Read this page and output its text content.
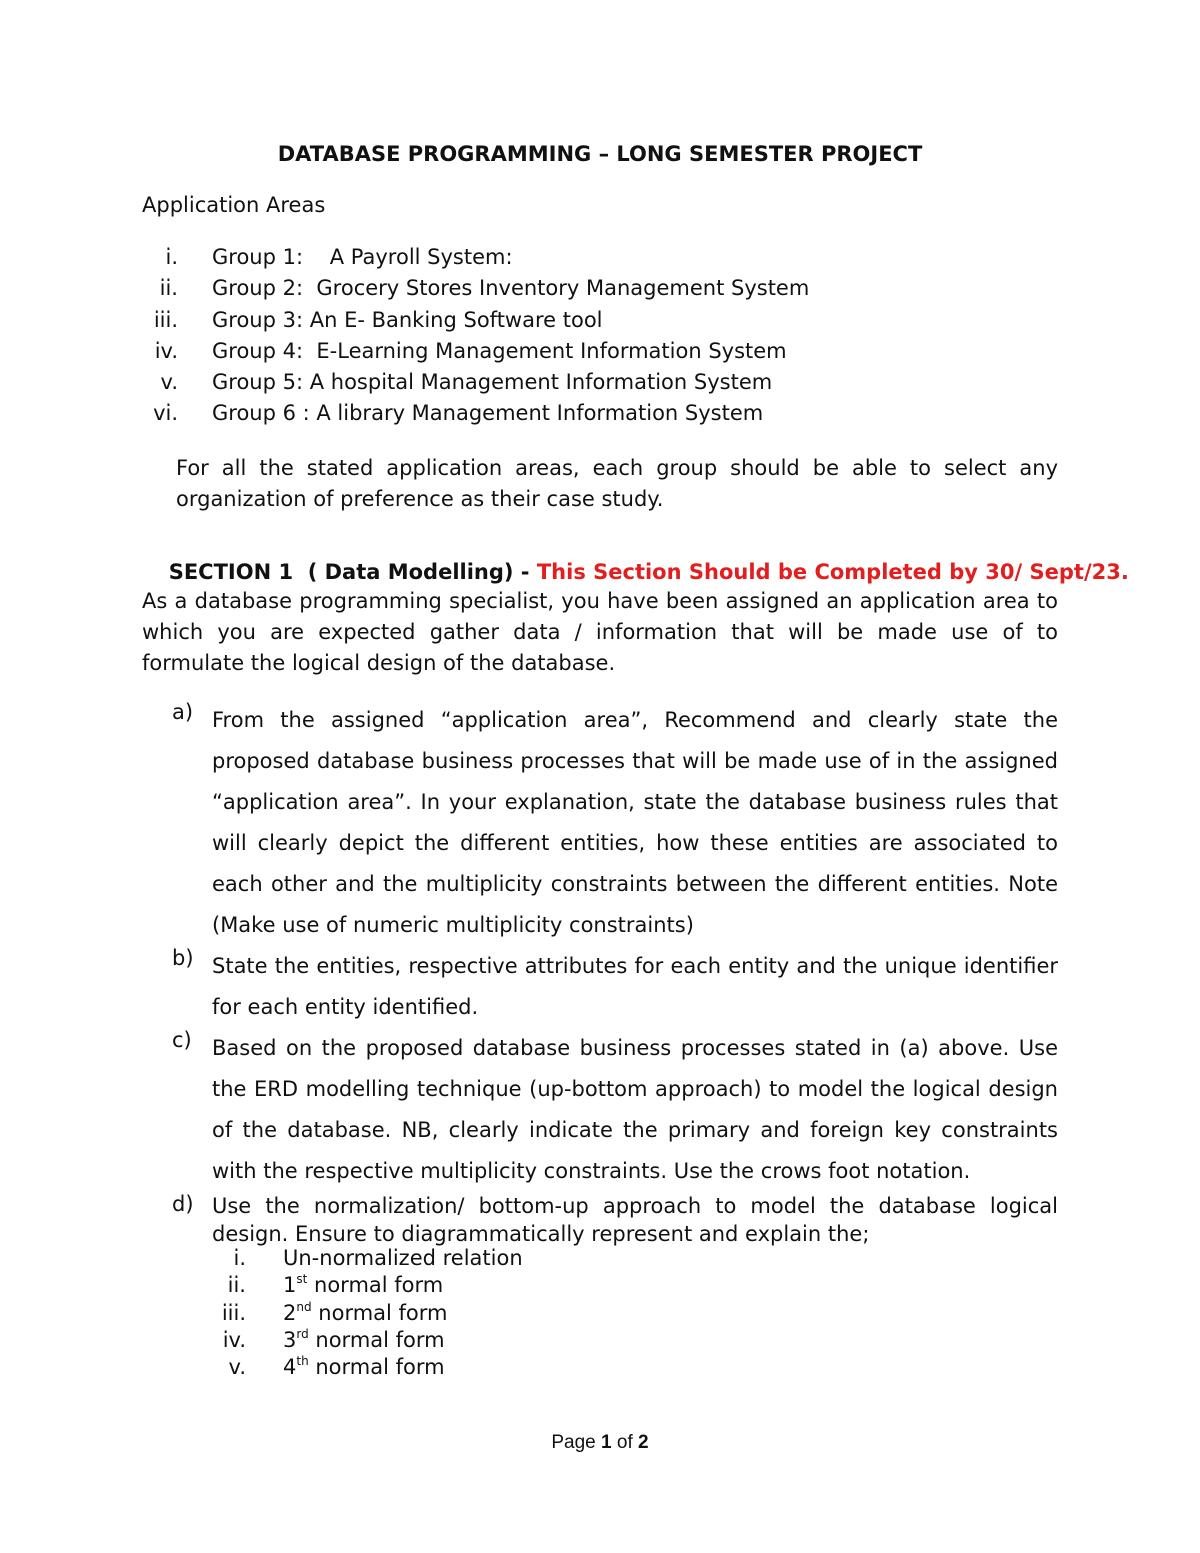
DATABASE PROGRAMMING – LONG SEMESTER PROJECT
Application Areas
i. Group 1:    A Payroll System:
ii. Group 2:  Grocery Stores Inventory Management System
iii. Group 3: An E- Banking Software tool
iv. Group 4:  E-Learning Management Information System
v. Group 5: A hospital Management Information System
vi. Group 6 : A library Management Information System
For all the stated application areas, each group should be able to select any organization of preference as their case study.

SECTION 1  ( Data Modelling) - This Section Should be Completed by 30/ Sept/23.

As a database programming specialist, you have been assigned an application area to which you are expected gather data / information that will be made use of to formulate the logical design of the database.
a) From the assigned “application area”, Recommend and clearly state the proposed database business processes that will be made use of in the assigned “application area”. In your explanation, state the database business rules that will clearly depict the different entities, how these entities are associated to each other and the multiplicity constraints between the different entities. Note (Make use of numeric multiplicity constraints)
b) State the entities, respective attributes for each entity and the unique identifier for each entity identified.
c) Based on the proposed database business processes stated in (a) above. Use the ERD modelling technique (up-bottom approach) to model the logical design of the database. NB, clearly indicate the primary and foreign key constraints with the respective multiplicity constraints. Use the crows foot notation.
d) Use the normalization/ bottom-up approach to model the database logical design. Ensure to diagrammatically represent and explain the;
i. Un-normalized relation
ii. 1st normal form
iii. 2nd normal form
iv. 3rd normal form
v. 4th normal form
Page 1 of 2
